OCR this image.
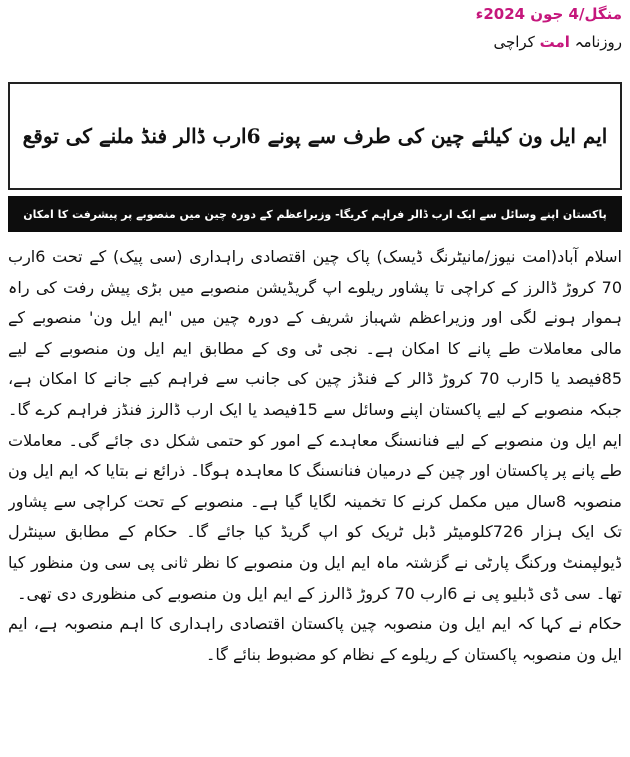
منگل/4 جون 2024ء
روزنامہ امت کراچی
ایم ایل ون کیلئے چین کی طرف سے پونے 6ارب ڈالر فنڈ ملنے کی توقع
پاکستان اپنے وسائل سے ایک ارب ڈالر فراہم کریگا- وزیراعظم کے دورہ چین میں منصوبے پر پیشرفت کا امکان

اسلام آباد(امت نیوز/مانیٹرنگ ڈیسک) پاک چین اقتصادی راہداری (سی پیک) کے تحت 6ارب 70 کروڑ ڈالرز کے کراچی تا پشاور ریلوے اپ گریڈیشن منصوبے میں بڑی پیش رفت کی راہ ہموار ہونے لگی اور وزیراعظم شہباز شریف کے دورہ چین میں 'ایم ایل ون' منصوبے کے مالی معاملات طے پانے کا امکان ہے۔ نجی ٹی وی کے مطابق ایم ایل ون منصوبے کے لیے 85فیصد یا 5ارب 70 کروڑ ڈالر کے فنڈز چین کی جانب سے فراہم کیے جانے کا امکان ہے، جبکہ منصوبے کے لیے پاکستان اپنے وسائل سے 15فیصد یا ایک ارب ڈالرز فنڈز فراہم کرے گا۔ ایم ایل ون منصوبے کے لیے فنانسنگ معاہدے کے امور کو حتمی شکل دی جائے گی۔ معاملات طے پانے پر پاکستان اور چین کے درمیان فنانسنگ کا معاہدہ ہوگا۔ ذرائع نے بتایا کہ ایم ایل ون منصوبہ 8سال میں مکمل کرنے کا تخمینہ لگایا گیا ہے۔ منصوبے کے تحت کراچی سے پشاور تک ایک ہزار 726کلومیٹر ڈبل ٹریک کو اپ گریڈ کیا جائے گا۔ حکام کے مطابق سینٹرل ڈیولپمنٹ ورکنگ پارٹی نے گزشتہ ماہ ایم ایل ون منصوبے کا نظر ثانی پی سی ون منظور کیا تھا۔ سی ڈی ڈبلیو پی نے 6ارب 70 کروڑ ڈالرز کے ایم ایل ون منصوبے کی منظوری دی تھی۔

حکام نے کہا کہ ایم ایل ون منصوبہ چین پاکستان اقتصادی راہداری کا اہم منصوبہ ہے، ایم ایل ون منصوبہ پاکستان کے ریلوے کے نظام کو مضبوط بنائے گا۔
